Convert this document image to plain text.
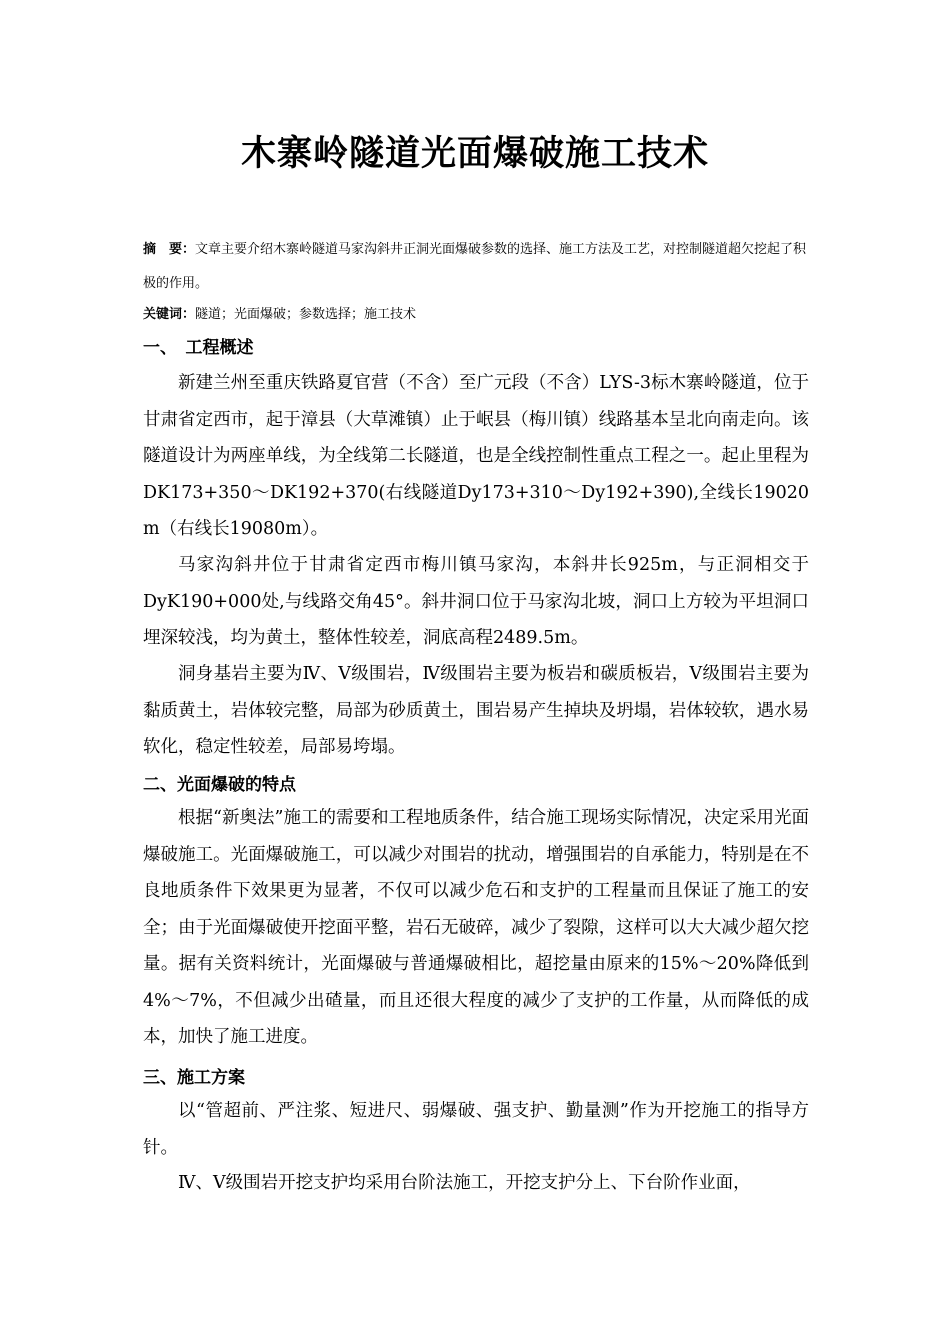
木寨岭隧道光面爆破施工技术
摘　要：文章主要介绍木寨岭隧道马家沟斜井正洞光面爆破参数的选择、施工方法及工艺，对控制隧道超欠挖起了积极的作用。
关键词：隧道；光面爆破；参数选择；施工技术
一、　工程概述

新建兰州至重庆铁路夏官营（不含）至广元段（不含）LYS-3标木寨岭隧道，位于甘肃省定西市，起于漳县（大草滩镇）止于岷县（梅川镇）线路基本呈北向南走向。该隧道设计为两座单线，为全线第二长隧道，也是全线控制性重点工程之一。起止里程为DK173+350～DK192+370(右线隧道Dy173+310～Dy192+390),全线长19020 m（右线长19080m）。

马家沟斜井位于甘肃省定西市梅川镇马家沟，本斜井长925m，与正洞相交于DyK190+000处,与线路交角45°。斜井洞口位于马家沟北坡，洞口上方较为平坦洞口埋深较浅，均为黄土，整体性较差，洞底高程2489.5m。

洞身基岩主要为Ⅳ、Ⅴ级围岩，Ⅳ级围岩主要为板岩和碳质板岩，Ⅴ级围岩主要为黏质黄土，岩体较完整，局部为砂质黄土，围岩易产生掉块及坍塌，岩体较软，遇水易软化，稳定性较差，局部易垮塌。

二、光面爆破的特点

根据“新奥法”施工的需要和工程地质条件，结合施工现场实际情况，决定采用光面爆破施工。光面爆破施工，可以减少对围岩的扰动，增强围岩的自承能力，特别是在不良地质条件下效果更为显著，不仅可以减少危石和支护的工程量而且保证了施工的安全；由于光面爆破使开挖面平整，岩石无破碎，减少了裂隙，这样可以大大减少超欠挖量。据有关资料统计，光面爆破与普通爆破相比，超挖量由原来的15%～20%降低到4%～7%，不但减少出碴量，而且还很大程度的减少了支护的工作量，从而降低的成本，加快了施工进度。

三、施工方案

以“管超前、严注浆、短进尺、弱爆破、强支护、勤量测”作为开挖施工的指导方针。

Ⅳ、Ⅴ级围岩开挖支护均采用台阶法施工，开挖支护分上、下台阶作业面，
